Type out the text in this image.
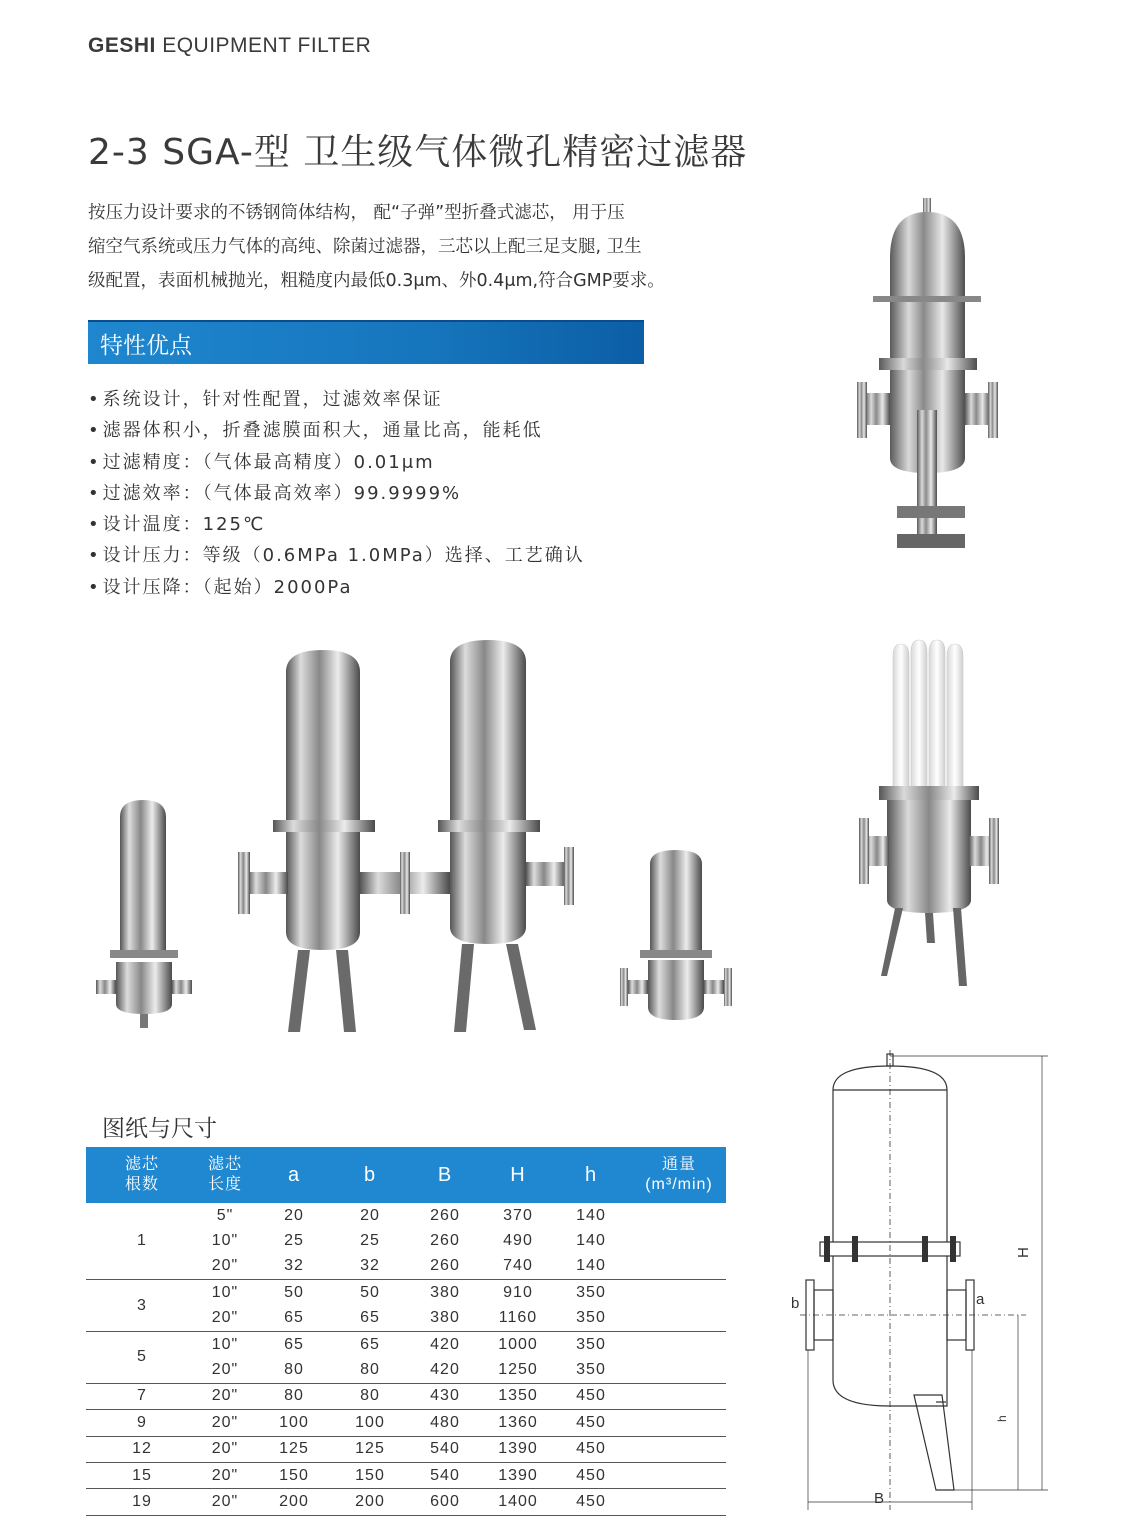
GESHI EQUIPMENT FILTER
2-3 SGA-型 卫生级气体微孔精密过滤器

按压力设计要求的不锈钢筒体结构， 配“子弹”型折叠式滤芯， 用于压

缩空气系统或压力气体的高纯、除菌过滤器，三芯以上配三足支腿, 卫生

级配置，表面机械抛光，粗糙度内最低0.3μm、外0.4μm,符合GMP要求。

特性优点
• 系统设计，针对性配置，过滤效率保证
• 滤器体积小，折叠滤膜面积大，通量比高，能耗低
• 过滤精度：（气体最高精度）0.01μm
• 过滤效率：（气体最高效率）99.9999%
• 设计温度：125℃
• 设计压力：等级（0.6MPa 1.0MPa）选择、工艺确认
• 设计压降：（起始）2000Pa
图纸与尺寸
滤芯
根数	滤芯
长度	a	b	B	H	h	通量
(m³/min)
1	5"	20	20	260	370	140	
	10"	25	25	260	490	140	
	20"	32	32	260	740	140	
3	10"	50	50	380	910	350	
	20"	65	65	380	1160	350	
5	10"	65	65	420	1000	350	
	20"	80	80	420	1250	350	
7	20"	80	80	430	1350	450	
9	20"	100	100	480	1360	450	
12	20"	125	125	540	1390	450	
15	20"	150	150	540	1390	450	
19	20"	200	200	600	1400	450	
H
h
a
b
B
